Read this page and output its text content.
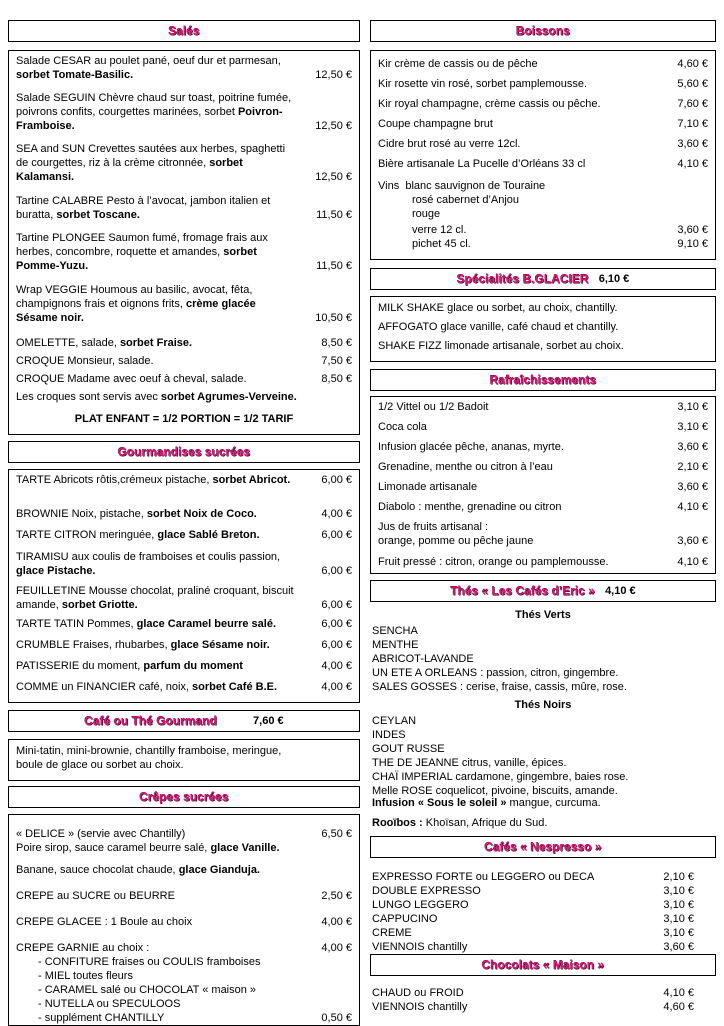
Salés
Salade CESAR au poulet pané, oeuf dur et parmesan, sorbet Tomate-Basilic.	12,50 €
Salade SEGUIN Chèvre chaud sur toast, poitrine fumée, poivrons confits, courgettes marinées, sorbet Poivron-Framboise.	12,50 €
SEA and SUN Crevettes sautées aux herbes, spaghetti de courgettes, riz à la crème citronnée, sorbet Kalamansi.	12,50 €
Tartine CALABRE Pesto à l’avocat, jambon italien et buratta, sorbet Toscane.	11,50 €
Tartine PLONGEE Saumon fumé, fromage frais aux herbes, concombre, roquette et amandes, sorbet Pomme-Yuzu.	11,50 €
Wrap VEGGIE Houmous au basilic, avocat, fêta, champignons frais et oignons frits, crème glacée Sésame noir.	10,50 €
OMELETTE, salade, sorbet Fraise.	8,50 €
CROQUE Monsieur, salade.	7,50 €
CROQUE Madame avec oeuf à cheval, salade.	8,50 €
Les croques sont servis avec sorbet Agrumes-Verveine.
PLAT ENFANT = 1/2 PORTION = 1/2 TARIF
Gourmandises sucrées
TARTE Abricots rôtis,crémeux pistache, sorbet Abricot.	6,00 €
BROWNIE Noix, pistache, sorbet Noix de Coco.	4,00 €
TARTE CITRON meringuée, glace Sablé Breton.	6,00 €
TIRAMISU aux coulis de framboises et coulis passion, glace Pistache.	6,00 €
FEUILLETINE Mousse chocolat, praliné croquant, biscuit amande, sorbet Griotte.	6,00 €
TARTE TATIN Pommes, glace Caramel beurre salé.	6,00 €
CRUMBLE Fraises, rhubarbes, glace Sésame noir.	6,00 €
PATISSERIE du moment, parfum du moment	4,00 €
COMME un FINANCIER café, noix, sorbet Café B.E.	4,00 €
Café ou Thé Gourmand	7,60 €
Mini-tatin, mini-brownie, chantilly framboise, meringue,
boule de glace ou sorbet au choix.
Crêpes sucrées
« DELICE » (servie avec Chantilly)	6,50 €
Poire sirop, sauce caramel beurre salé, glace Vanille.
Banane, sauce chocolat chaude, glace Gianduja.
CREPE au SUCRE ou BEURRE	2,50 €
CREPE GLACEE : 1 Boule au choix	4,00 €
CREPE GARNIE au choix :	4,00 €
- CONFITURE fraises ou COULIS framboises
- MIEL toutes fleurs
- CARAMEL salé ou CHOCOLAT « maison »
- NUTELLA ou SPECULOOS
- supplément CHANTILLY	0,50 €
Boissons
Kir crème de cassis ou de pêche	4,60 €
Kir rosette vin rosé, sorbet pamplemousse.	5,60 €
Kir royal champagne, crème cassis ou pêche.	7,60 €
Coupe champagne brut	7,10 €
Cidre brut rosé au verre 12cl.	3,60 €
Bière artisanale La Pucelle d’Orléans 33 cl	4,10 €
Vins blanc sauvignon de Touraine
rosé cabernet d’Anjou
rouge
verre 12 cl.	3,60 €
pichet 45 cl.	9,10 €
Spécialités B.GLACIER 6,10 €
MILK SHAKE glace ou sorbet, au choix, chantilly.
AFFOGATO glace vanille, café chaud et chantilly.
SHAKE FIZZ limonade artisanale, sorbet au choix.
Rafraîchissements
1/2 Vittel ou 1/2 Badoit	3,10 €
Coca cola	3,10 €
Infusion glacée pêche, ananas, myrte.	3,60 €
Grenadine, menthe ou citron à l’eau	2,10 €
Limonade artisanale	3,60 €
Diabolo : menthe, grenadine ou citron	4,10 €
Jus de fruits artisanal :
orange, pomme ou pêche jaune	3,60 €
Fruit pressé : citron, orange ou pamplemousse.	4,10 €
Thés « Les Cafés d’Eric » 4,10 €
Thés Verts
SENCHA
MENTHE
ABRICOT-LAVANDE
UN ETE A ORLEANS : passion, citron, gingembre.
SALES GOSSES : cerise, fraise, cassis, mûre, rose.
Thés Noirs
CEYLAN
INDES
GOUT RUSSE
THE DE JEANNE citrus, vanille, épices.
CHAÏ IMPERIAL cardamone, gingembre, baies rose.
Melle ROSE coquelicot, pivoine, biscuits, amande.
Infusion « Sous le soleil » mangue, curcuma.
Rooïbos : Khoïsan, Afrique du Sud.
Cafés « Nespresso »
EXPRESSO FORTE ou LEGGERO ou DECA	2,10 €
DOUBLE EXPRESSO	3,10 €
LUNGO LEGGERO	3,10 €
CAPPUCINO	3,10 €
CREME	3,10 €
VIENNOIS chantilly	3,60 €
Chocolats « Maison »
CHAUD ou FROID	4,10 €
VIENNOIS chantilly	4,60 €
